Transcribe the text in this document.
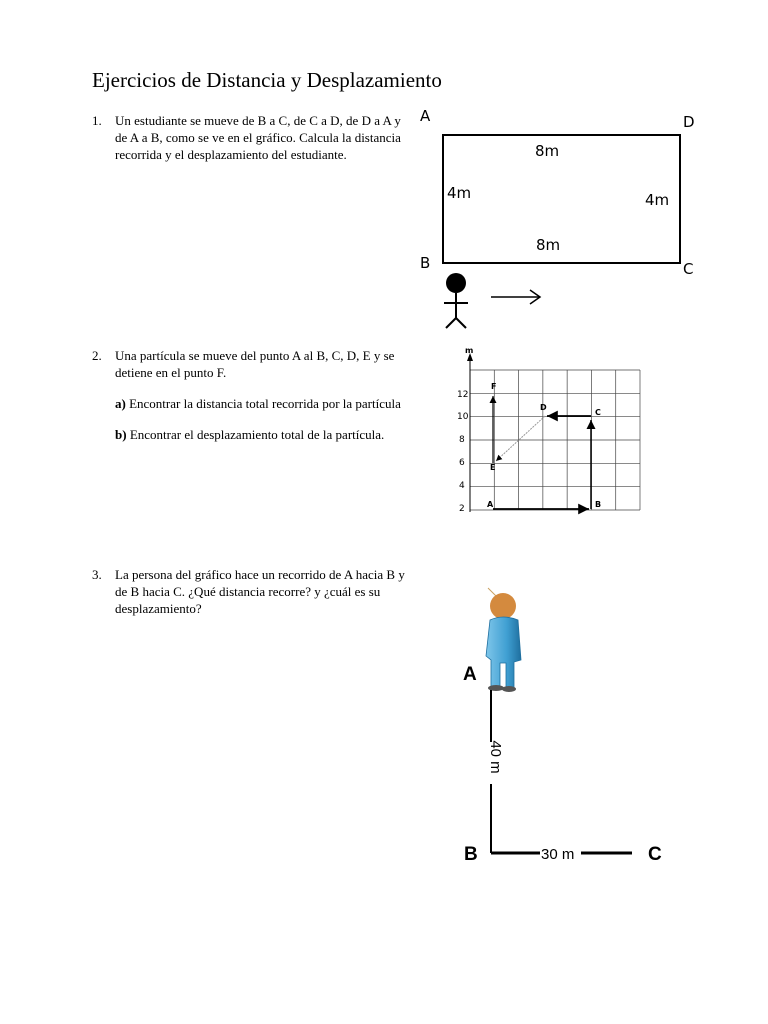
Ejercicios de Distancia y Desplazamiento
1. Un estudiante se mueve de B a C, de C a D, de D a A y de A a B, como se ve en el gráfico. Calcula la distancia recorrida y el desplazamiento del estudiante.

2. Una partícula se mueve del punto A al B, C, D, E y se detiene en el punto F.

a) Encontrar la distancia total recorrida por la partícula

b) Encontrar el desplazamiento total de la partícula.

3. La persona del gráfico hace un recorrido de A hacia B y de B hacia C. ¿Qué distancia recorre? y ¿cuál es su desplazamiento?

A	D
B	C
8m
8m
4m	4m
m
12
10
8
6
4
2	A	B
C
D
E
F
40 m
30 m
A
B	C
